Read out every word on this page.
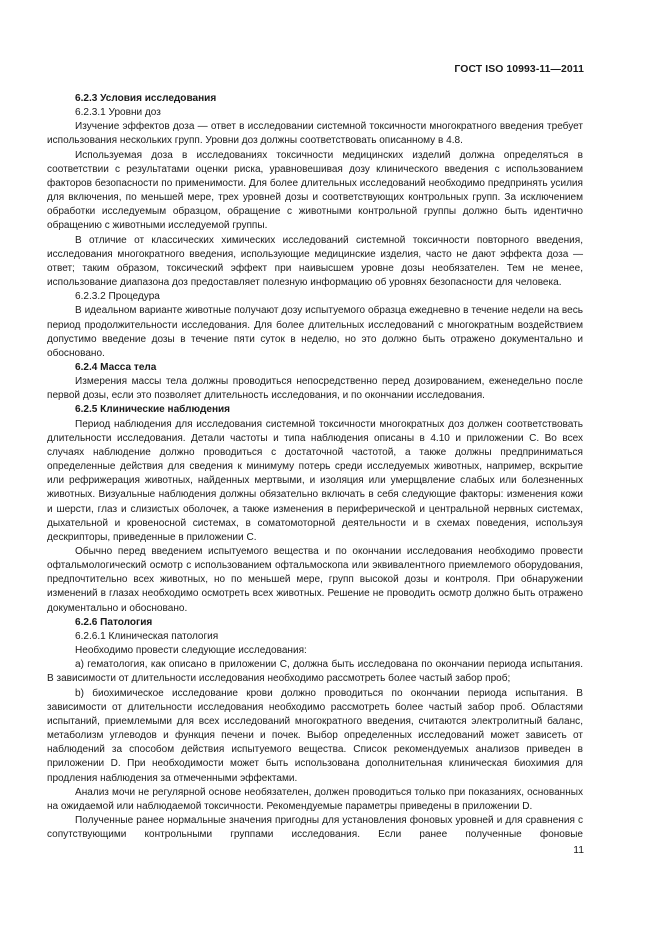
ГОСТ ISO 10993-11—2011
6.2.3 Условия исследования
6.2.3.1 Уровни доз

Изучение эффектов доза — ответ в исследовании системной токсичности многократного введения требует использования нескольких групп. Уровни доз должны соответствовать описанному в 4.8.

Используемая доза в исследованиях токсичности медицинских изделий должна определяться в соответствии с результатами оценки риска, уравновешивая дозу клинического введения с использованием факторов безопасности по применимости. Для более длительных исследований необходимо предпринять усилия для включения, по меньшей мере, трех уровней дозы и соответствующих контрольных групп. За исключением обработки исследуемым образцом, обращение с животными контрольной группы должно быть идентично обращению с животными исследуемой группы.

В отличие от классических химических исследований системной токсичности повторного введения, исследования многократного введения, использующие медицинские изделия, часто не дают эффекта доза — ответ; таким образом, токсический эффект при наивысшем уровне дозы необязателен. Тем не менее, использование диапазона доз предоставляет полезную информацию об уровнях безопасности для человека.

6.2.3.2 Процедура

В идеальном варианте животные получают дозу испытуемого образца ежедневно в течение недели на весь период продолжительности исследования. Для более длительных исследований с многократным воздействием допустимо введение дозы в течение пяти суток в неделю, но это должно быть отражено документально и обосновано.

6.2.4 Масса тела

Измерения массы тела должны проводиться непосредственно перед дозированием, еженедельно после первой дозы, если это позволяет длительность исследования, и по окончании исследования.

6.2.5 Клинические наблюдения

Период наблюдения для исследования системной токсичности многократных доз должен соответствовать длительности исследования. Детали частоты и типа наблюдения описаны в 4.10 и приложении С. Во всех случаях наблюдение должно проводиться с достаточной частотой, а также должны предприниматься определенные действия для сведения к минимуму потерь среди исследуемых животных, например, вскрытие или рефрижерация животных, найденных мертвыми, и изоляция или умерщвление слабых или болезненных животных. Визуальные наблюдения должны обязательно включать в себя следующие факторы: изменения кожи и шерсти, глаз и слизистых оболочек, а также изменения в периферической и центральной нервных системах, дыхательной и кровеносной системах, в соматомоторной деятельности и в схемах поведения, используя дескрипторы, приведенные в приложении С.

Обычно перед введением испытуемого вещества и по окончании исследования необходимо провести офтальмологический осмотр с использованием офтальмоскопа или эквивалентного приемлемого оборудования, предпочтительно всех животных, но по меньшей мере, групп высокой дозы и контроля. При обнаружении изменений в глазах необходимо осмотреть всех животных. Решение не проводить осмотр должно быть отражено документально и обосновано.

6.2.6 Патология
6.2.6.1 Клиническая патология
Необходимо провести следующие исследования:

a) гематология, как описано в приложении С, должна быть исследована по окончании периода испытания. В зависимости от длительности исследования необходимо рассмотреть более частый забор проб;

b) биохимическое исследование крови должно проводиться по окончании периода испытания. В зависимости от длительности исследования необходимо рассмотреть более частый забор проб. Областями испытаний, приемлемыми для всех исследований многократного введения, считаются электролитный баланс, метаболизм углеводов и функция печени и почек. Выбор определенных исследований может зависеть от наблюдений за способом действия испытуемого вещества. Список рекомендуемых анализов приведен в приложении D. При необходимости может быть использована дополнительная клиническая биохимия для продления наблюдения за отмеченными эффектами.

Анализ мочи не регулярной основе необязателен, должен проводиться только при показаниях, основанных на ожидаемой или наблюдаемой токсичности. Рекомендуемые параметры приведены в приложении D.

Полученные ранее нормальные значения пригодны для установления фоновых уровней и для сравнения с сопутствующими контрольными группами исследования. Если ранее полученные фоновые

11
